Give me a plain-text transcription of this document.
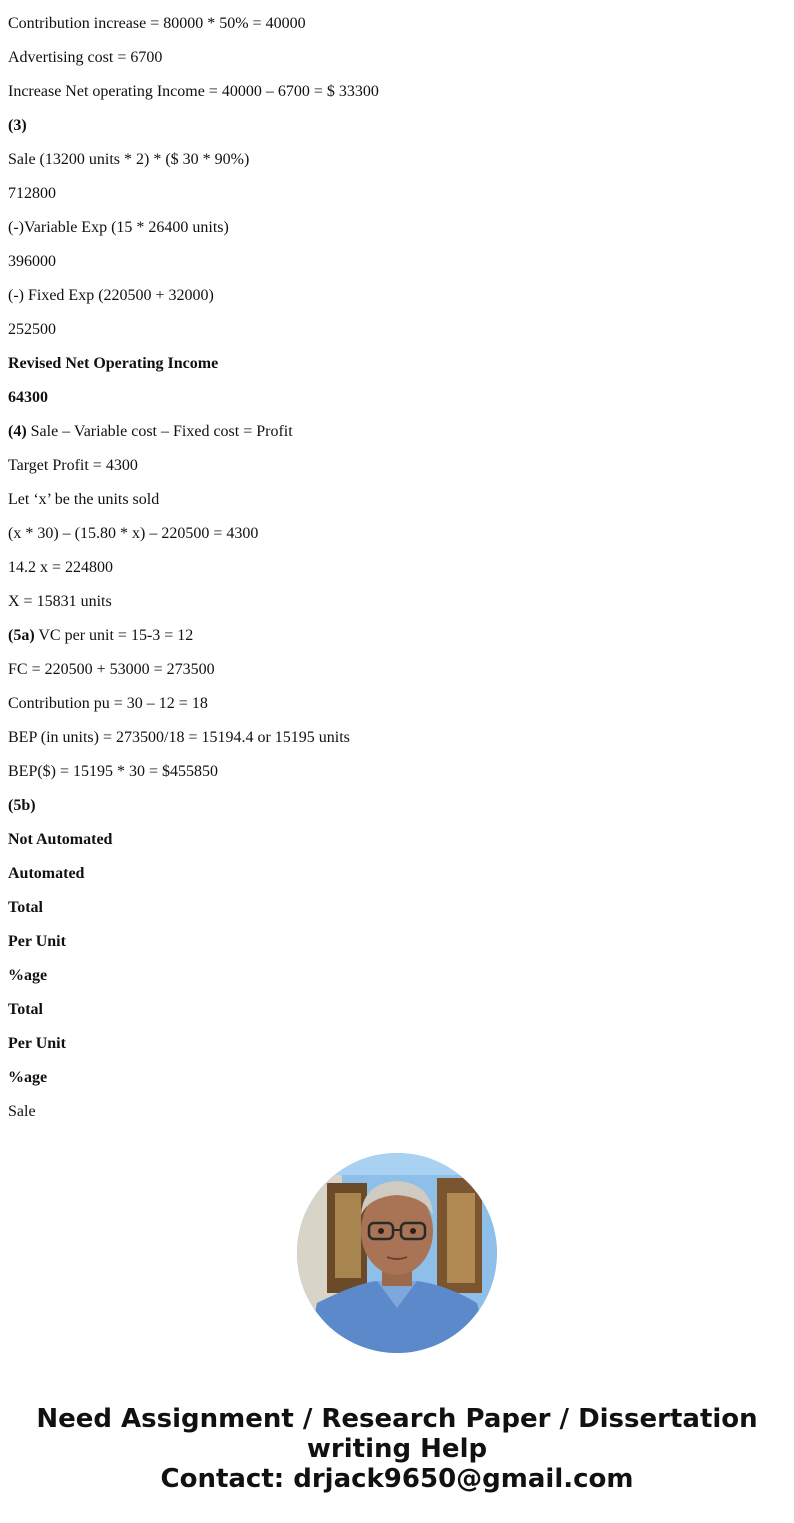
Contribution increase = 80000 * 50% = 40000
Advertising cost = 6700
Increase Net operating Income = 40000 – 6700 = $ 33300
(3)
Sale (13200 units * 2) * ($ 30 * 90%)
712800
(-)Variable Exp (15 * 26400 units)
396000
(-) Fixed Exp (220500 + 32000)
252500
Revised Net Operating Income
64300
(4) Sale – Variable cost – Fixed cost = Profit
Target Profit = 4300
Let ‘x’ be the units sold
(x * 30) – (15.80 * x) – 220500 = 4300
14.2 x = 224800
X = 15831 units
(5a) VC per unit = 15-3 = 12
FC = 220500 + 53000 = 273500
Contribution pu = 30 – 12 = 18
BEP (in units) = 273500/18 = 15194.4 or 15195 units
BEP($) = 15195 * 30 = $455850
(5b)
Not Automated
Automated
Total
Per Unit
%age
Total
Per Unit
%age
Sale
Need Assignment / Research Paper / Dissertation
writing Help
Contact: drjack9650@gmail.com
